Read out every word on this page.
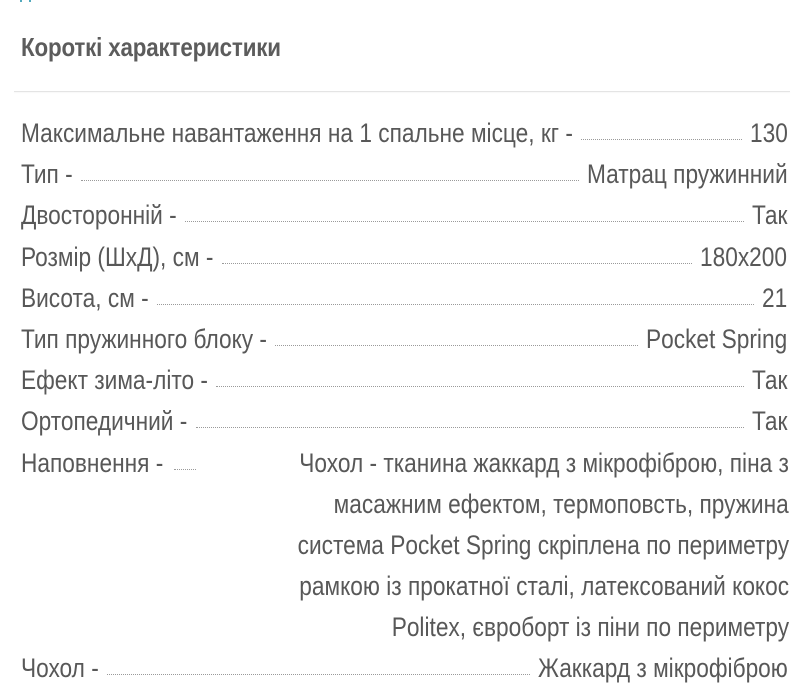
Короткі характеристики
Максимальне навантаження на 1 спальне місце, кг -	130
Тип -	Матрац пружинний
Двосторонній -	Так
Розмір (ШхД), см -	180x200
Висота, см -	21
Тип пружинного блоку -	Pocket Spring
Ефект зима-літо -	Так
Ортопедичний -	Так
Наповнення -	Чохол - тканина жаккард з мікрофіброю, піна з
масажним ефектом, термоповсть, пружина
система Pocket Spring скріплена по периметру
рамкою із прокатної сталі, латексований кокос
Politex, євроборт із піни по периметру
Чохол -	Жаккард з мікрофіброю
